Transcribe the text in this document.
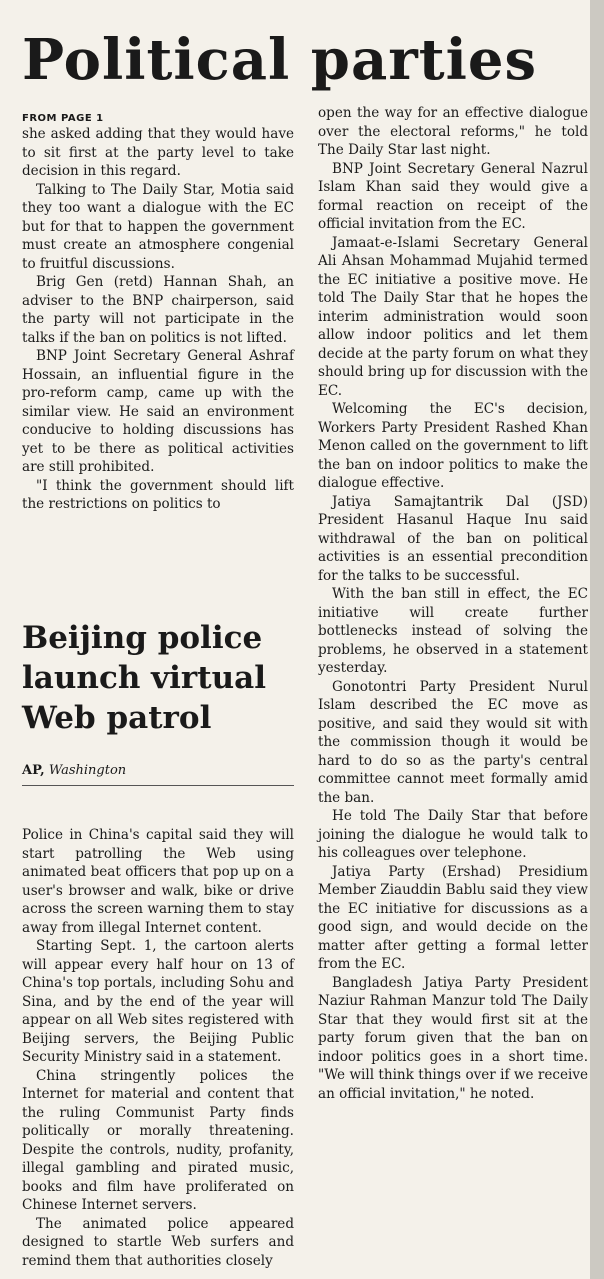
Political parties
FROM PAGE 1

she asked adding that they would have to sit first at the party level to take decision in this regard.

Talking to The Daily Star, Motia said they too want a dialogue with the EC but for that to happen the government must create an atmosphere congenial to fruitful discussions.

Brig Gen (retd) Hannan Shah, an adviser to the BNP chairperson, said the party will not participate in the talks if the ban on politics is not lifted.

BNP Joint Secretary General Ashraf Hossain, an influential figure in the pro-reform camp, came up with the similar view. He said an environment conducive to holding discussions has yet to be there as political activities are still prohibited.

"I think the government should lift the restrictions on politics to

Beijing police launch virtual Web patrol
AP, Washington

Police in China's capital said they will start patrolling the Web using animated beat officers that pop up on a user's browser and walk, bike or drive across the screen warning them to stay away from illegal Internet content.

Starting Sept. 1, the cartoon alerts will appear every half hour on 13 of China's top portals, including Sohu and Sina, and by the end of the year will appear on all Web sites registered with Beijing servers, the Beijing Public Security Ministry said in a statement.

China stringently polices the Internet for material and content that the ruling Communist Party finds politically or morally threatening. Despite the controls, nudity, profanity, illegal gambling and pirated music, books and film have proliferated on Chinese Internet servers.

The animated police appeared designed to startle Web surfers and remind them that authorities closely

open the way for an effective dialogue over the electoral reforms," he told The Daily Star last night.

BNP Joint Secretary General Nazrul Islam Khan said they would give a formal reaction on receipt of the official invitation from the EC.

Jamaat-e-Islami Secretary General Ali Ahsan Mohammad Mujahid termed the EC initiative a positive move. He told The Daily Star that he hopes the interim administration would soon allow indoor politics and let them decide at the party forum on what they should bring up for discussion with the EC.

Welcoming the EC's decision, Workers Party President Rashed Khan Menon called on the government to lift the ban on indoor politics to make the dialogue effective.

Jatiya Samajtantrik Dal (JSD) President Hasanul Haque Inu said withdrawal of the ban on political activities is an essential precondition for the talks to be successful.

With the ban still in effect, the EC initiative will create further bottlenecks instead of solving the problems, he observed in a statement yesterday.

Gonotontri Party President Nurul Islam described the EC move as positive, and said they would sit with the commission though it would be hard to do so as the party's central committee cannot meet formally amid the ban.

He told The Daily Star that before joining the dialogue he would talk to his colleagues over telephone.

Jatiya Party (Ershad) Presidium Member Ziauddin Bablu said they view the EC initiative for discussions as a good sign, and would decide on the matter after getting a formal letter from the EC.

Bangladesh Jatiya Party President Naziur Rahman Manzur told The Daily Star that they would first sit at the party forum given that the ban on indoor politics goes in a short time. "We will think things over if we receive an official invitation," he noted.
